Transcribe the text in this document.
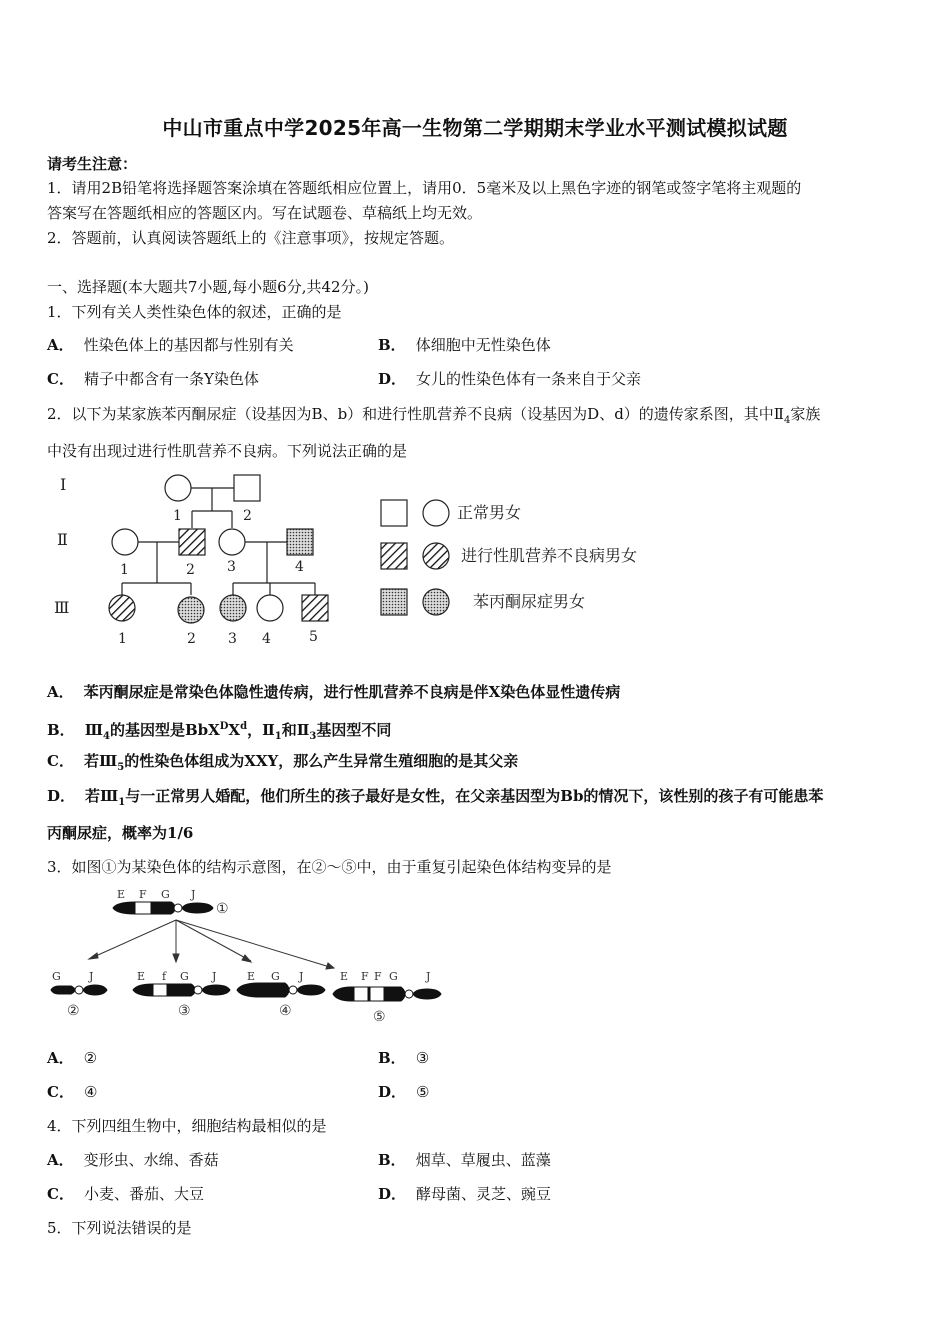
中山市重点中学2025年高一生物第二学期期末学业水平测试模拟试题
请考生注意：
1．请用2B铅笔将选择题答案涂填在答题纸相应位置上，请用0．5毫米及以上黑色字迹的钢笔或签字笔将主观题的
答案写在答题纸相应的答题区内。写在试题卷、草稿纸上均无效。
2．答题前，认真阅读答题纸上的《注意事项》，按规定答题。
一、选择题(本大题共7小题,每小题6分,共42分。)
1．下列有关人类性染色体的叙述，正确的是
A． 性染色体上的基因都与性别有关	B． 体细胞中无性染色体
C． 精子中都含有一条Y染色体	D． 女儿的性染色体有一条来自于父亲
2．以下为某家族苯丙酮尿症（设基因为B、b）和进行性肌营养不良病（设基因为D、d）的遗传家系图，其中$Ⅱ_4$家族
中没有出现过进行性肌营养不良病。下列说法正确的是
Ⅰ
Ⅱ
Ⅲ
1	2
1	2 3	4
1	2 3 4	5
正常男女
进行性肌营养不良病男女
苯丙酮尿症男女
A． 苯丙酮尿症是常染色体隐性遗传病，进行性肌营养不良病是伴X染色体显性遗传病
B． $Ⅲ_4$的基因型是$BbX^DX^d$，$Ⅱ_1$和$Ⅱ_3$基因型不同
C． 若$Ⅲ_5$的性染色体组成为XXY，那么产生异常生殖细胞的是其父亲
D． 若$Ⅲ_1$与一正常男人婚配，他们所生的孩子最好是女性，在父亲基因型为Bb的情况下，该性别的孩子有可能患苯
丙酮尿症，概率为1/6
3．如图①为某染色体的结构示意图，在②～⑤中，由于重复引起染色体结构变异的是
E F G J
①
G	J
②
E f G J
③
E G J
④
E F F G	J
⑤
A． ②	B． ③
C． ④	D． ⑤
4．下列四组生物中，细胞结构最相似的是
A． 变形虫、水绵、香菇	B． 烟草、草履虫、蓝藻
C． 小麦、番茄、大豆	D． 酵母菌、灵芝、豌豆
5．下列说法错误的是
